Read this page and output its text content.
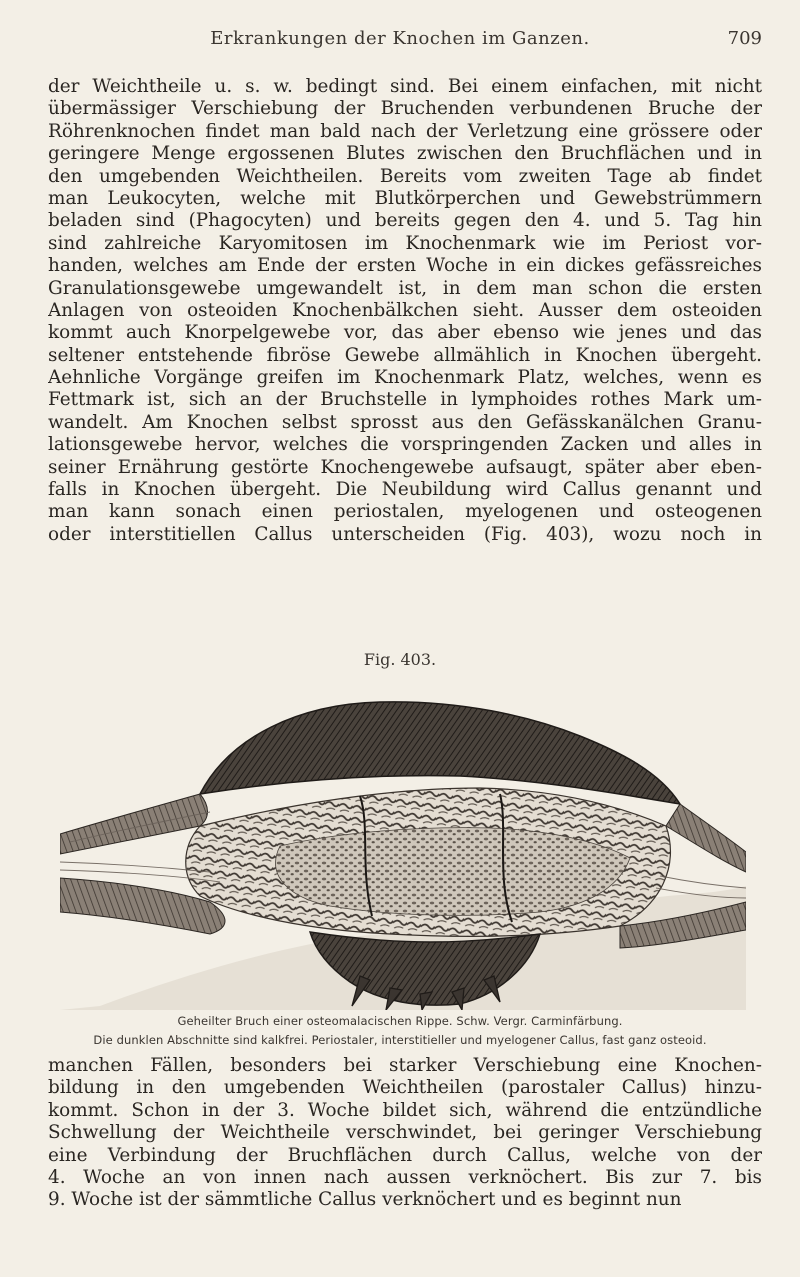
Erkrankungen der Knochen im Ganzen.	709
der Weichtheile u. s. w. bedingt sind. Bei einem einfachen, mit nicht
übermässiger Verschiebung der Bruchenden verbundenen Bruche der
Röhrenknochen findet man bald nach der Verletzung eine grössere oder
geringere Menge ergossenen Blutes zwischen den Bruchflächen und in
den umgebenden Weichtheilen. Bereits vom zweiten Tage ab findet
man Leukocyten, welche mit Blutkörperchen und Gewebstrümmern
beladen sind (Phagocyten) und bereits gegen den 4. und 5. Tag hin
sind zahlreiche Karyomitosen im Knochenmark wie im Periost vor-
handen, welches am Ende der ersten Woche in ein dickes gefässreiches
Granulationsgewebe umgewandelt ist, in dem man schon die ersten
Anlagen von osteoiden Knochenbälkchen sieht. Ausser dem osteoiden
kommt auch Knorpelgewebe vor, das aber ebenso wie jenes und das
seltener entstehende fibröse Gewebe allmählich in Knochen übergeht.
Aehnliche Vorgänge greifen im Knochenmark Platz, welches, wenn es
Fettmark ist, sich an der Bruchstelle in lymphoides rothes Mark um-
wandelt. Am Knochen selbst sprosst aus den Gefässkanälchen Granu-
lationsgewebe hervor, welches die vorspringenden Zacken und alles in
seiner Ernährung gestörte Knochengewebe aufsaugt, später aber eben-
falls in Knochen übergeht. Die Neubildung wird Callus genannt und
man kann sonach einen periostalen, myelogenen und osteogenen
oder interstitiellen Callus unterscheiden (Fig. 403), wozu noch in
Fig. 403.
Geheilter Bruch einer osteomalacischen Rippe. Schw. Vergr. Carminfärbung.
Die dunklen Abschnitte sind kalkfrei. Periostaler, interstitieller und myelogener Callus, fast ganz osteoid.
manchen Fällen, besonders bei starker Verschiebung eine Knochen-
bildung in den umgebenden Weichtheilen (parostaler Callus) hinzu-
kommt. Schon in der 3. Woche bildet sich, während die entzündliche
Schwellung der Weichtheile verschwindet, bei geringer Verschiebung
eine Verbindung der Bruchflächen durch Callus, welche von der
4. Woche an von innen nach aussen verknöchert. Bis zur 7. bis
9. Woche ist der sämmtliche Callus verknöchert und es beginnt nun
